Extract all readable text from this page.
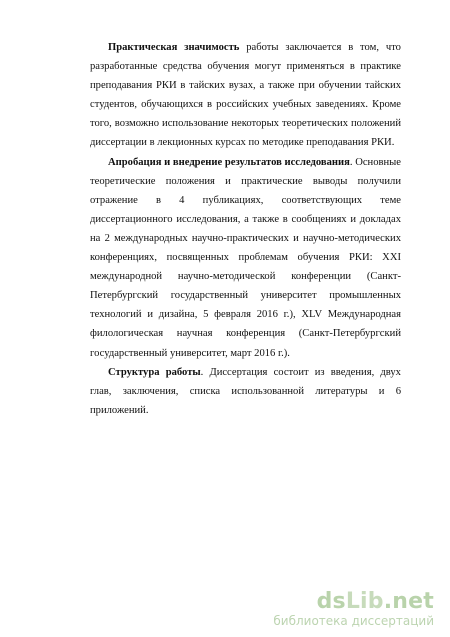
Практическая значимость работы заключается в том, что разработанные средства обучения могут применяться в практике преподавания РКИ в тайских вузах, а также при обучении тайских студентов, обучающихся в российских учебных заведениях. Кроме того, возможно использование некоторых теоретических положений диссертации в лекционных курсах по методике преподавания РКИ.

Апробация и внедрение результатов исследования. Основные теоретические положения и практические выводы получили отражение в 4 публикациях, соответствующих теме диссертационного исследования, а также в сообщениях и докладах на 2 международных научно-практических и научно-методических конференциях, посвященных проблемам обучения РКИ: XXI международной научно-методической конференции (Санкт-Петербургский государственный университет промышленных технологий и дизайна, 5 февраля 2016 г.), XLV Международная филологическая научная конференция (Санкт-Петербургский государственный университет, март 2016 г.).

Структура работы. Диссертация состоит из введения, двух глав, заключения, списка использованной литературы и 6 приложений.

dsLib.net
библиотека диссертаций
